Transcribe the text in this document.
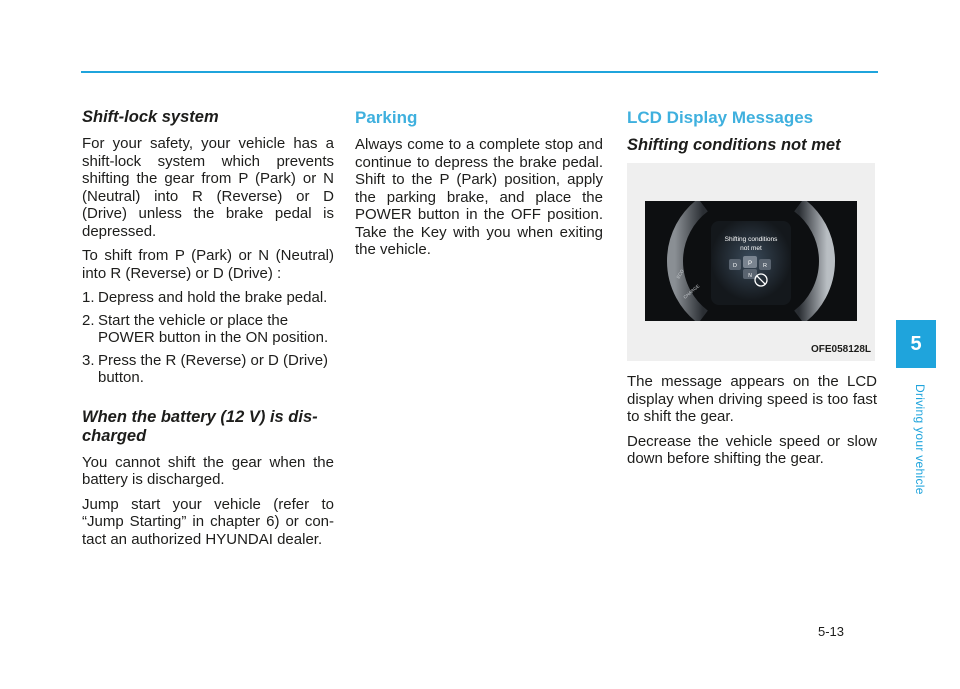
Shift-lock system

For your safety, your vehicle has a shift-lock system which prevents shifting the gear from P (Park) or N (Neutral) into R (Reverse) or D (Drive) unless the brake pedal is depressed.

To shift from P (Park) or N (Neutral) into R (Reverse) or D (Drive) :

1. Depress and hold the brake pedal.
2. Start the vehicle or place the POWER button in the ON position.
3. Press the R (Reverse) or D (Drive) button.
When the battery (12 V) is dis-charged

You cannot shift the gear when the battery is discharged.

Jump start your vehicle (refer to “Jump Starting” in chapter 6) or con-tact an authorized HYUNDAI dealer.

Parking

Always come to a complete stop and continue to depress the brake pedal. Shift to the P (Park) position, apply the parking brake, and place the POWER button in the OFF position. Take the Key with you when exiting the vehicle.

LCD Display Messages
Shifting conditions not met
Shifting conditions
not met
D P R
N
ECO
CHARGE
OFE058128L

The message appears on the LCD display when driving speed is too fast to shift the gear.

Decrease the vehicle speed or slow down before shifting the gear.

5
Driving your vehicle
5-13
